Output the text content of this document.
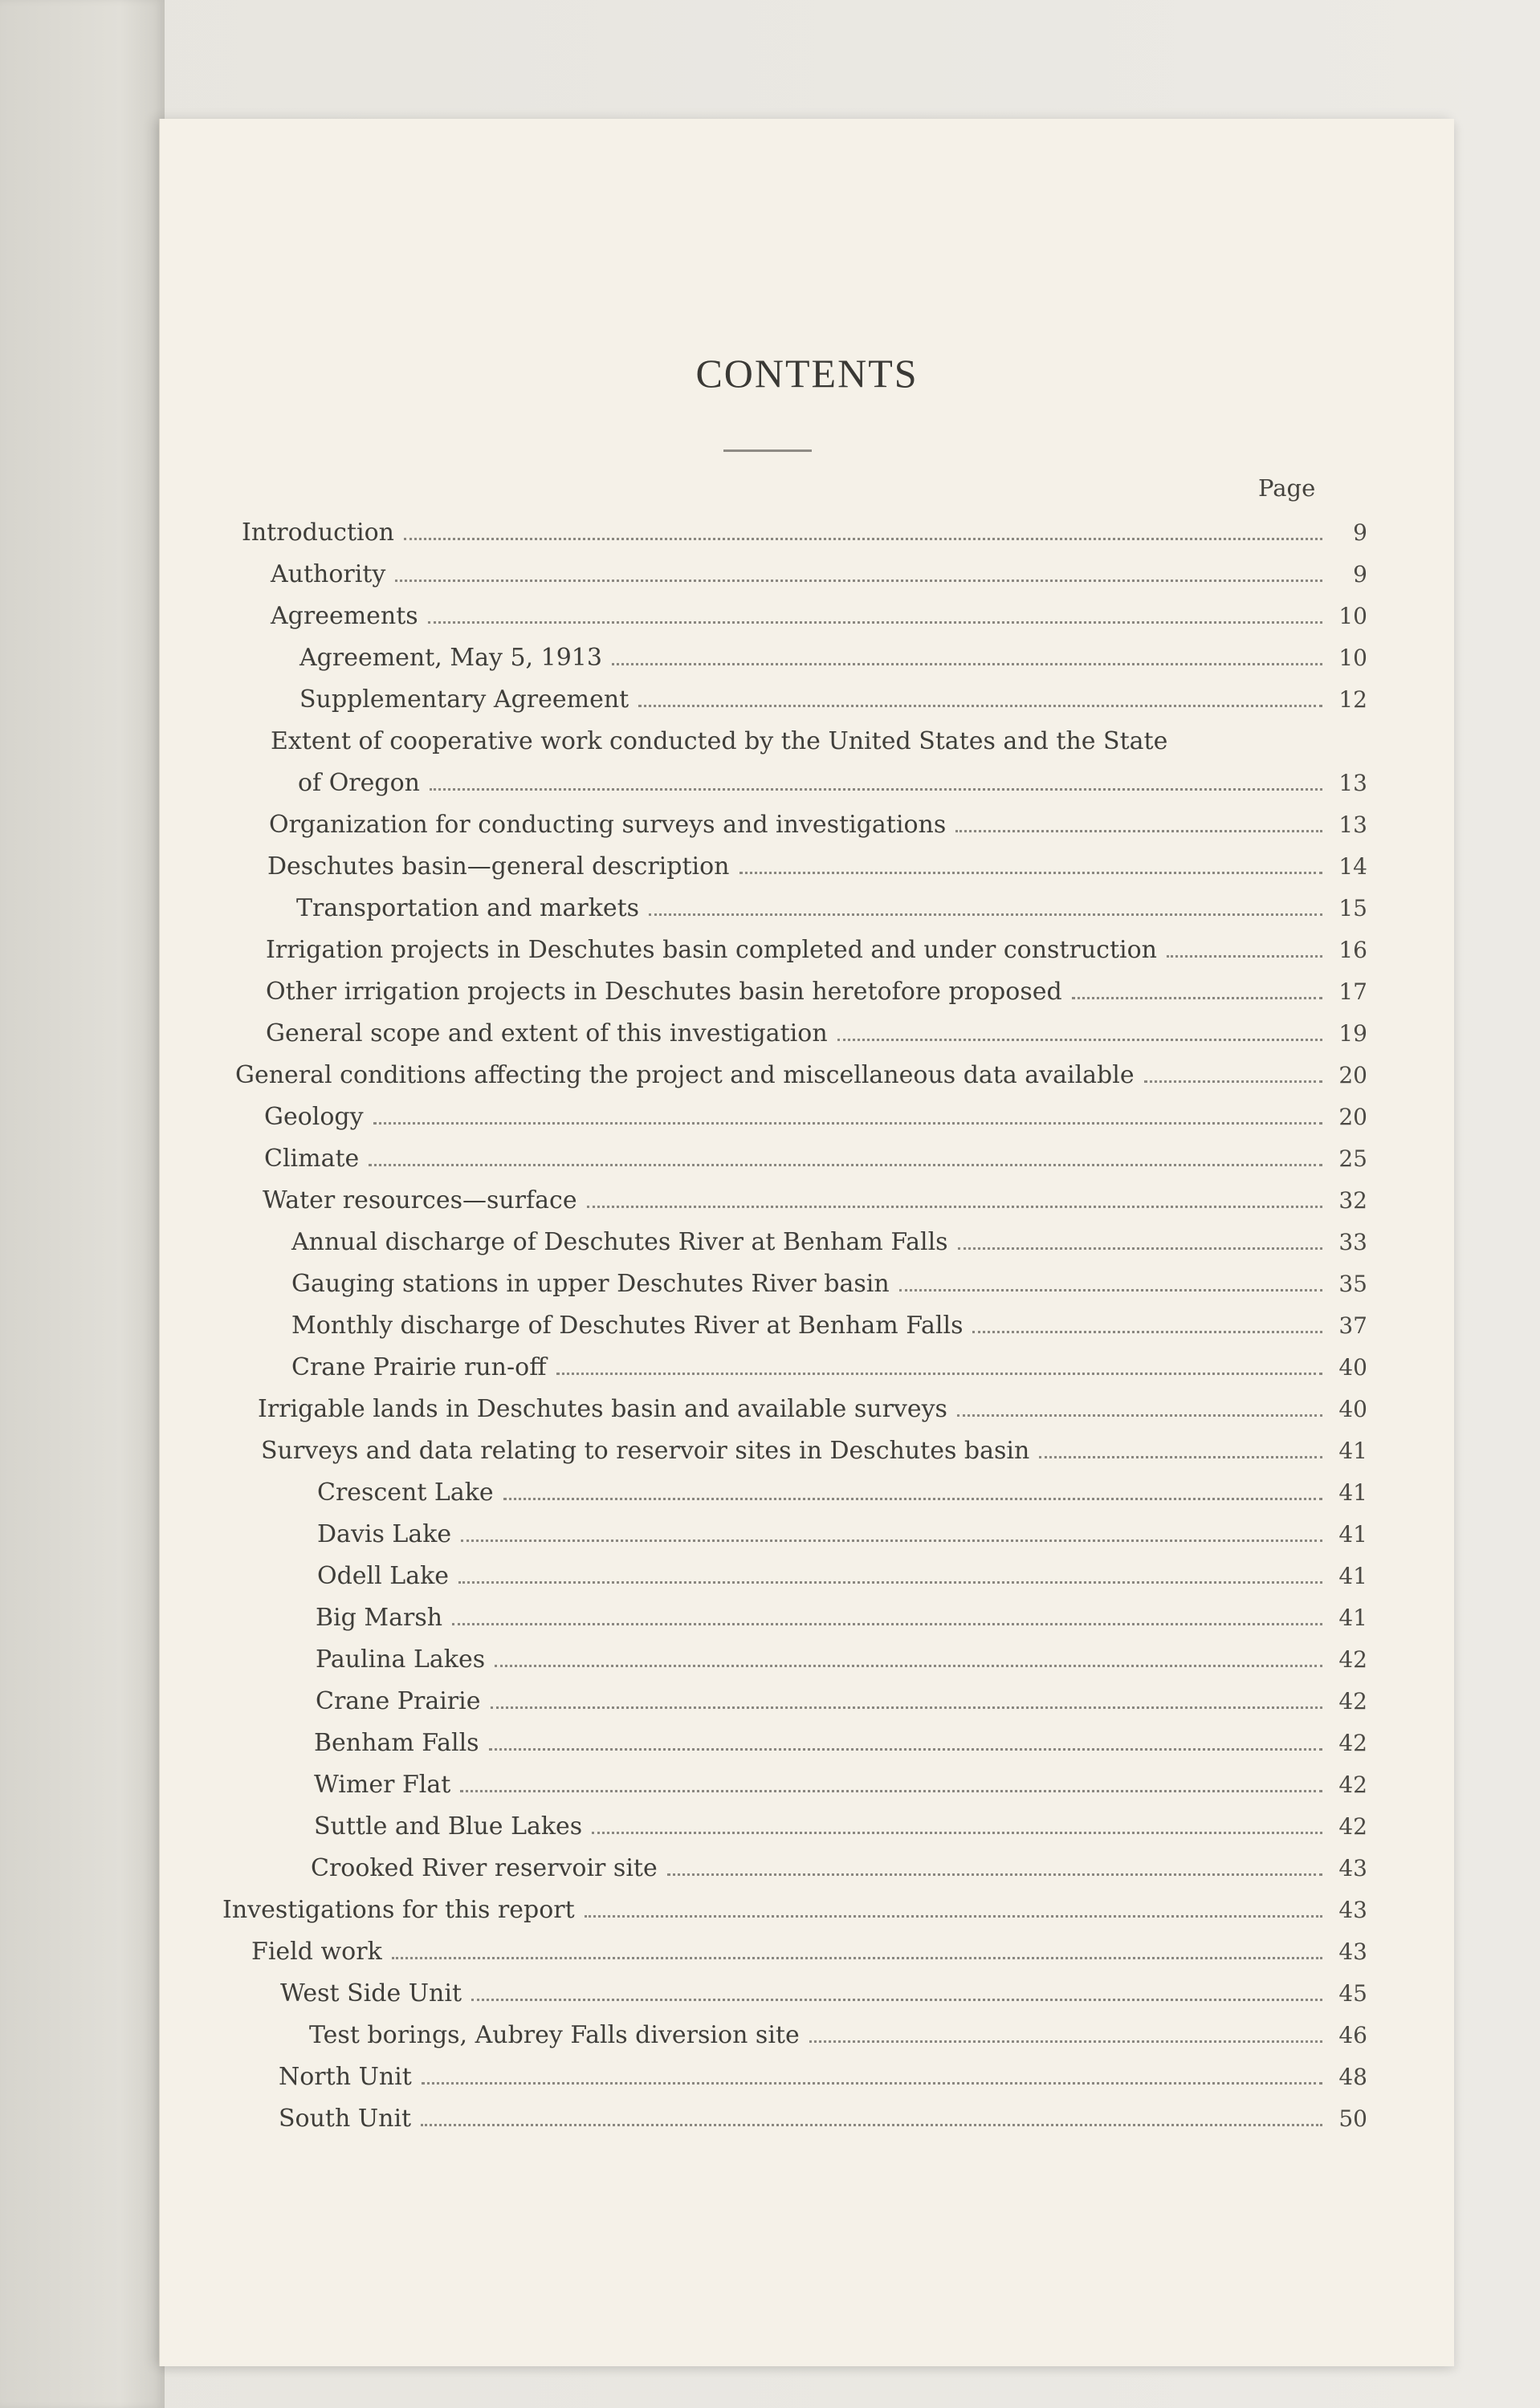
CONTENTS
Page
Introduction	9
Authority	9
Agreements	10
Agreement, May 5, 1913	10
Supplementary Agreement	12
Extent of cooperative work conducted by the United States and the State
of Oregon	13
Organization for conducting surveys and investigations	13
Deschutes basin—general description	14
Transportation and markets	15
Irrigation projects in Deschutes basin completed and under construction	16
Other irrigation projects in Deschutes basin heretofore proposed	17
General scope and extent of this investigation	19
General conditions affecting the project and miscellaneous data available	20
Geology	20
Climate	25
Water resources—surface	32
Annual discharge of Deschutes River at Benham Falls	33
Gauging stations in upper Deschutes River basin	35
Monthly discharge of Deschutes River at Benham Falls	37
Crane Prairie run-off	40
Irrigable lands in Deschutes basin and available surveys	40
Surveys and data relating to reservoir sites in Deschutes basin	41
Crescent Lake	41
Davis Lake	41
Odell Lake	41
Big Marsh	41
Paulina Lakes	42
Crane Prairie	42
Benham Falls	42
Wimer Flat	42
Suttle and Blue Lakes	42
Crooked River reservoir site	43
Investigations for this report	43
Field work	43
West Side Unit	45
Test borings, Aubrey Falls diversion site	46
North Unit	48
South Unit	50
